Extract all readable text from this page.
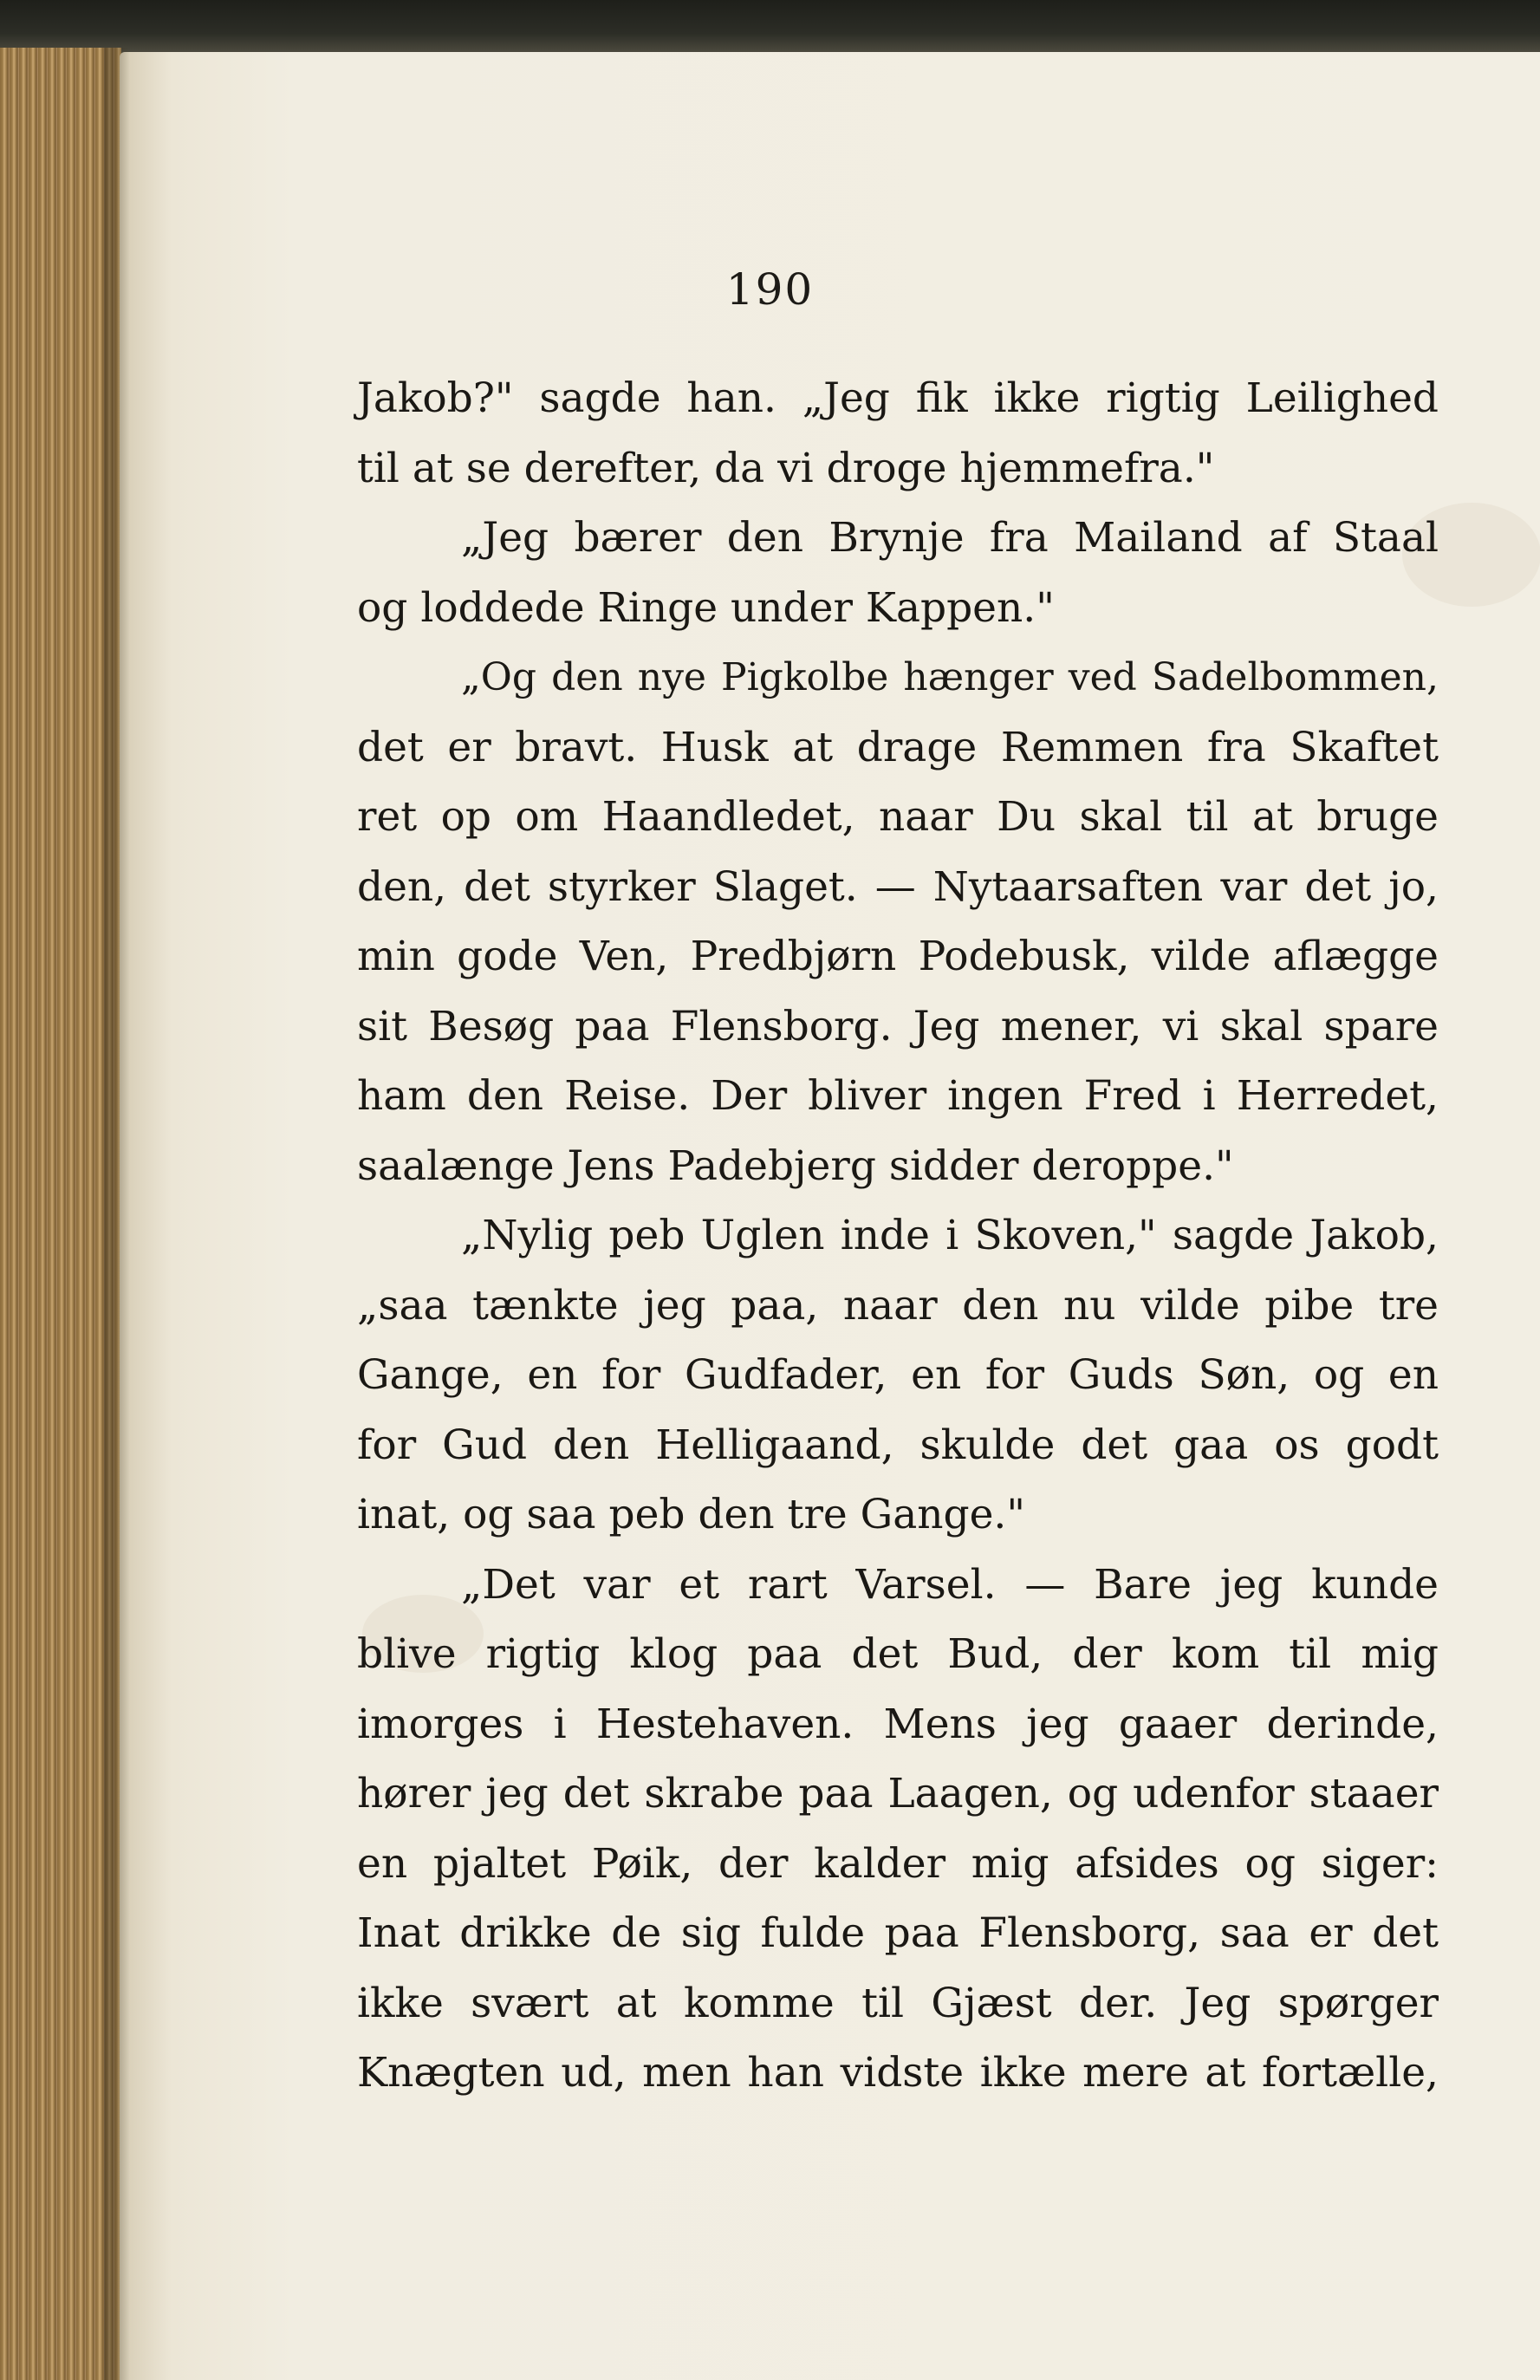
190
Jakob?" sagde han. „Jeg fik ikke rigtig Leilighed
til at se derefter, da vi droge hjemmefra."
„Jeg bærer den Brynje fra Mailand af Staal
og loddede Ringe under Kappen."
„Og den nye Pigkolbe hænger ved Sadelbommen,
det er bravt. Husk at drage Remmen fra Skaftet
ret op om Haandledet, naar Du skal til at bruge
den, det styrker Slaget. — Nytaarsaften var det jo,
min gode Ven, Predbjørn Podebusk, vilde aflægge
sit Besøg paa Flensborg. Jeg mener, vi skal spare
ham den Reise. Der bliver ingen Fred i Herredet,
saalænge Jens Padebjerg sidder deroppe."
„Nylig peb Uglen inde i Skoven," sagde Jakob,
„saa tænkte jeg paa, naar den nu vilde pibe tre
Gange, en for Gudfader, en for Guds Søn, og en
for Gud den Helligaand, skulde det gaa os godt
inat, og saa peb den tre Gange."
„Det var et rart Varsel. — Bare jeg kunde
blive rigtig klog paa det Bud, der kom til mig
imorges i Hestehaven. Mens jeg gaaer derinde,
hører jeg det skrabe paa Laagen, og udenfor staaer
en pjaltet Pøik, der kalder mig afsides og siger:
Inat drikke de sig fulde paa Flensborg, saa er det
ikke svært at komme til Gjæst der. Jeg spørger
Knægten ud, men han vidste ikke mere at fortælle,
